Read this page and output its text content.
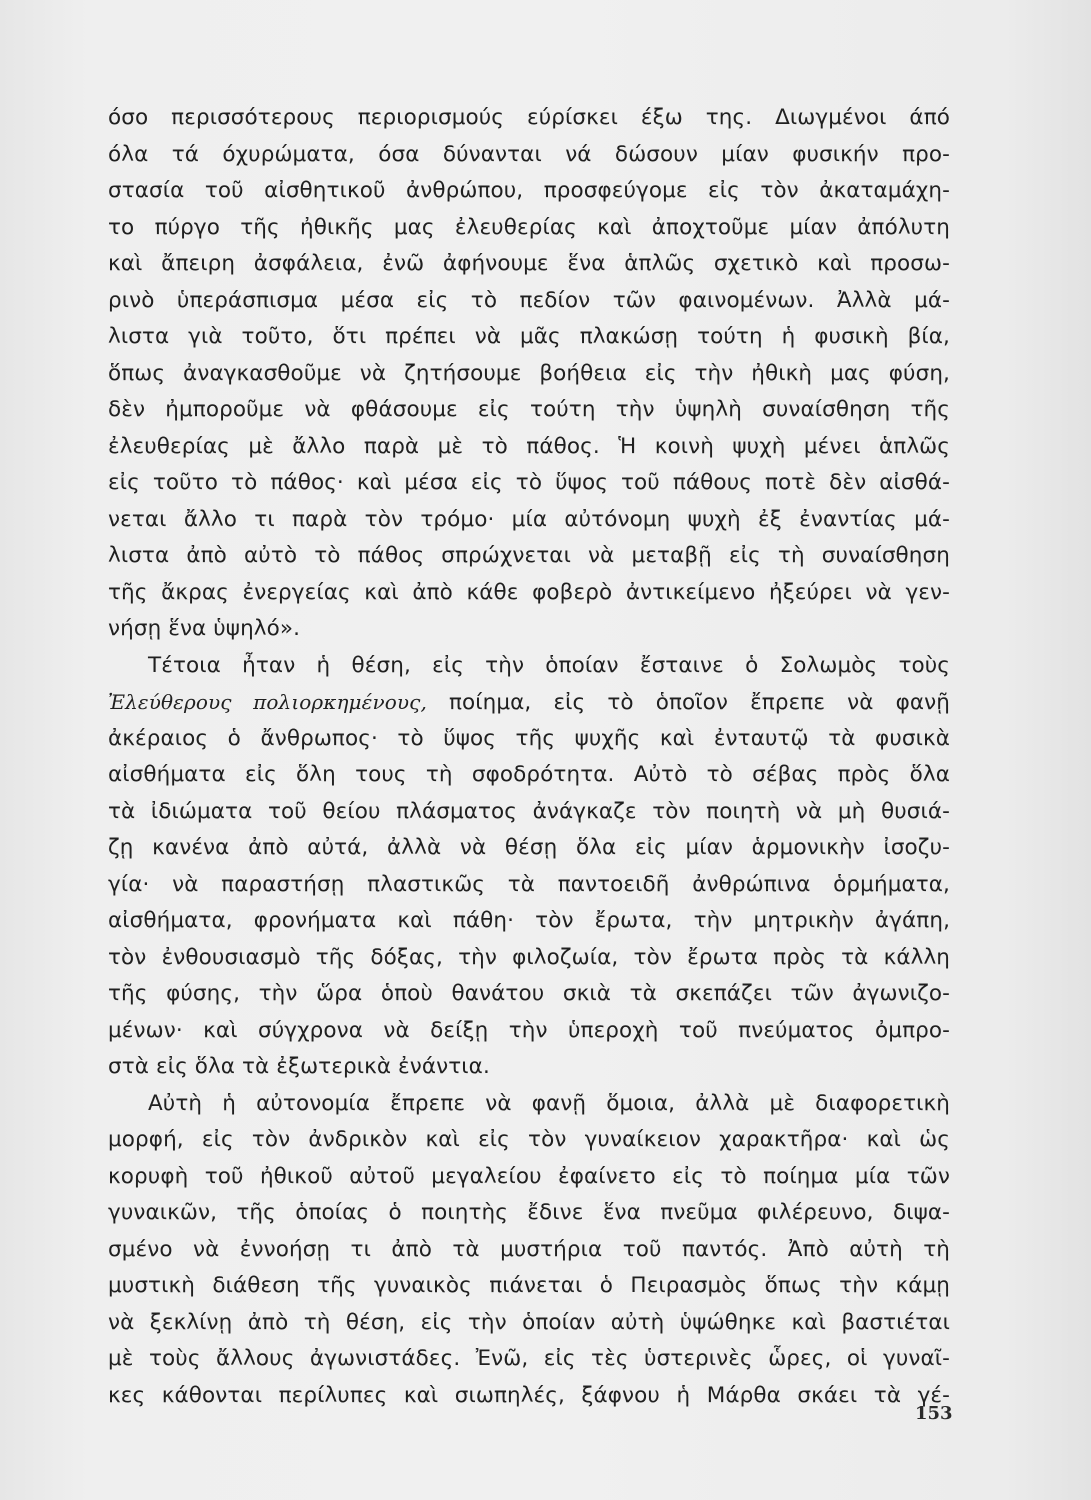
όσο περισσότερους περιορισμούς εύρίσκει έξω της. Διωγμένοι άπό
όλα τά όχυρώματα, όσα δύνανται νά δώσουν μίαν φυσικήν προ-
στασία τοῦ αἰσθητικοῦ ἀνθρώπου, προσφεύγομε εἰς τὸν ἀκαταμάχη-
το πύργο τῆς ἠθικῆς μας ἐλευθερίας καὶ ἀποχτοῦμε μίαν ἀπόλυτη
καὶ ἄπειρη ἀσφάλεια, ἐνῶ ἀφήνουμε ἕνα ἁπλῶς σχετικὸ καὶ προσω-
ρινὸ ὑπεράσπισμα μέσα εἰς τὸ πεδίον τῶν φαινομένων. Ἀλλὰ μά-
λιστα γιὰ τοῦτο, ὅτι πρέπει νὰ μᾶς πλακώσῃ τούτη ἡ φυσικὴ βία,
ὅπως ἀναγκασθοῦμε νὰ ζητήσουμε βοήθεια εἰς τὴν ἠθικὴ μας φύση,
δὲν ἠμποροῦμε νὰ φθάσουμε εἰς τούτη τὴν ὑψηλὴ συναίσθηση τῆς
ἐλευθερίας μὲ ἄλλο παρὰ μὲ τὸ πάθος. Ἡ κοινὴ ψυχὴ μένει ἁπλῶς
εἰς τοῦτο τὸ πάθος· καὶ μέσα εἰς τὸ ὕψος τοῦ πάθους ποτὲ δὲν αἰσθά-
νεται ἄλλο τι παρὰ τὸν τρόμο· μία αὐτόνομη ψυχὴ ἐξ ἐναντίας μά-
λιστα ἀπὸ αὐτὸ τὸ πάθος σπρώχνεται νὰ μεταβῇ εἰς τὴ συναίσθηση
τῆς ἄκρας ἐνεργείας καὶ ἀπὸ κάθε φοβερὸ ἀντικείμενο ἠξεύρει νὰ γεν-
νήσῃ ἕνα ὑψηλό».
Τέτοια ἦταν ἡ θέση, εἰς τὴν ὁποίαν ἔσταινε ὁ Σολωμὸς τοὺς
Ἐλεύθερους πολιορκημένους, ποίημα, εἰς τὸ ὁποῖον ἔπρεπε νὰ φανῇ
ἀκέραιος ὁ ἄνθρωπος· τὸ ὕψος τῆς ψυχῆς καὶ ἐνταυτῷ τὰ φυσικὰ
αἰσθήματα εἰς ὅλη τους τὴ σφοδρότητα. Αὐτὸ τὸ σέβας πρὸς ὅλα
τὰ ἰδιώματα τοῦ θείου πλάσματος ἀνάγκαζε τὸν ποιητὴ νὰ μὴ θυσιά-
ζῃ κανένα ἀπὸ αὐτά, ἀλλὰ νὰ θέσῃ ὅλα εἰς μίαν ἁρμονικὴν ἰσοζυ-
γία· νὰ παραστήσῃ πλαστικῶς τὰ παντοειδῆ ἀνθρώπινα ὁρμήματα,
αἰσθήματα, φρονήματα καὶ πάθη· τὸν ἔρωτα, τὴν μητρικὴν ἀγάπη,
τὸν ἐνθουσιασμὸ τῆς δόξας, τὴν φιλοζωία, τὸν ἔρωτα πρὸς τὰ κάλλη
τῆς φύσης, τὴν ὥρα ὁποὺ θανάτου σκιὰ τὰ σκεπάζει τῶν ἀγωνιζο-
μένων· καὶ σύγχρονα νὰ δείξῃ τὴν ὑπεροχὴ τοῦ πνεύματος ὀμπρο-
στὰ εἰς ὅλα τὰ ἐξωτερικὰ ἐνάντια.
Αὐτὴ ἡ αὐτονομία ἔπρεπε νὰ φανῇ ὅμοια, ἀλλὰ μὲ διαφορετικὴ
μορφή, εἰς τὸν ἀνδρικὸν καὶ εἰς τὸν γυναίκειον χαρακτῆρα· καὶ ὡς
κορυφὴ τοῦ ἠθικοῦ αὐτοῦ μεγαλείου ἐφαίνετο εἰς τὸ ποίημα μία τῶν
γυναικῶν, τῆς ὁποίας ὁ ποιητὴς ἔδινε ἕνα πνεῦμα φιλέρευνο, διψα-
σμένο νὰ ἐννοήσῃ τι ἀπὸ τὰ μυστήρια τοῦ παντός. Ἀπὸ αὐτὴ τὴ
μυστικὴ διάθεση τῆς γυναικὸς πιάνεται ὁ Πειρασμὸς ὅπως τὴν κάμῃ
νὰ ξεκλίνῃ ἀπὸ τὴ θέση, εἰς τὴν ὁποίαν αὐτὴ ὑψώθηκε καὶ βαστιέται
μὲ τοὺς ἄλλους ἀγωνιστάδες. Ἐνῶ, εἰς τὲς ὑστερινὲς ὧρες, οἱ γυναῖ-
κες κάθονται περίλυπες καὶ σιωπηλές, ξάφνου ἡ Μάρθα σκάει τὰ γέ-
153
